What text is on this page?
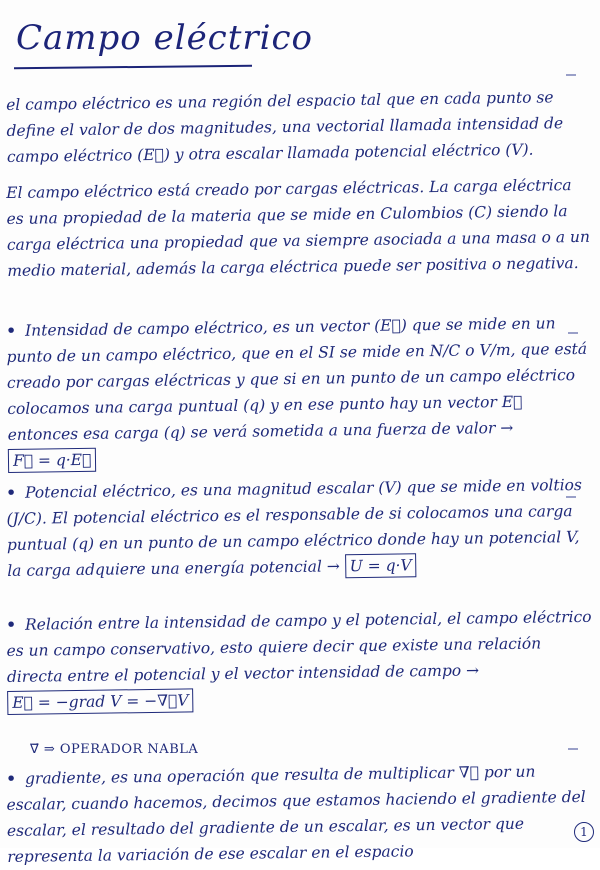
Campo eléctrico
el campo eléctrico es una región del espacio tal que en cada punto se define el valor de dos magnitudes, una vectorial llamada intensidad de campo eléctrico (E⃗) y otra escalar llamada potencial eléctrico (V).
El campo eléctrico está creado por cargas eléctricas. La carga eléctrica es una propiedad de la materia que se mide en Culombios (C) siendo la carga eléctrica una propiedad que va siempre asociada a una masa o a un medio material, además la carga eléctrica puede ser positiva o negativa.
• Intensidad de campo eléctrico, es un vector (E⃗) que se mide en un punto de un campo eléctrico, que en el SI se mide en N/C o V/m, que está creado por cargas eléctricas y que si en un punto de un campo eléctrico colocamos una carga puntual (q) y en ese punto hay un vector E⃗ entonces esa carga (q) se verá sometida a una fuerza de valor → F⃗ = q·E⃗
• Potencial eléctrico, es una magnitud escalar (V) que se mide en voltios (J/C). El potencial eléctrico es el responsable de si colocamos una carga puntual (q) en un punto de un campo eléctrico donde hay un potencial V, la carga adquiere una energía potencial → U = q·V
• Relación entre la intensidad de campo y el potencial, el campo eléctrico es un campo conservativo, esto quiere decir que existe una relación directa entre el potencial y el vector intensidad de campo → E⃗ = −grad V = −∇⃗V
∇⃗ ⇒ OPERADOR NABLA
• gradiente, es una operación que resulta de multiplicar ∇⃗ por un escalar, cuando hacemos, decimos que estamos haciendo el gradiente del escalar, el resultado del gradiente de un escalar, es un vector que representa la variación de ese escalar en el espacio
1
